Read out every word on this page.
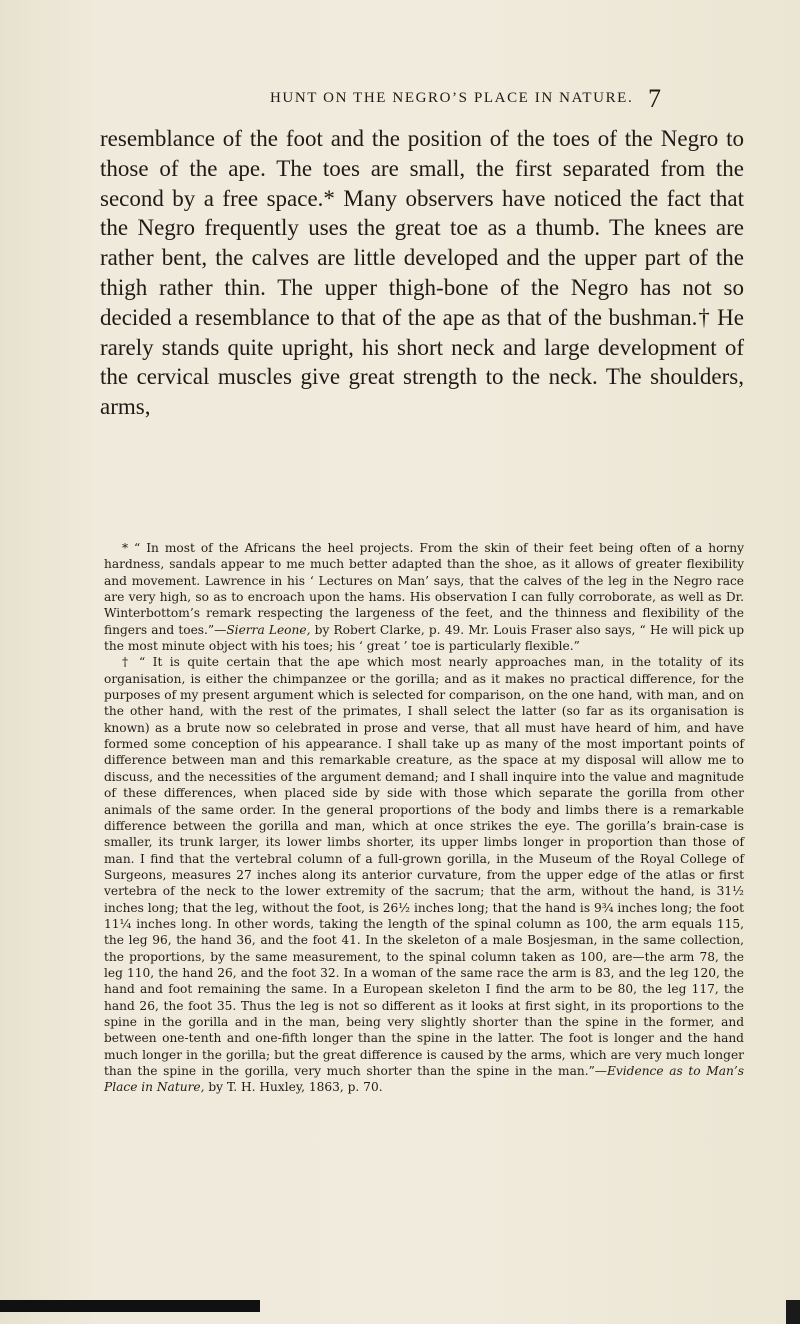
HUNT ON THE NEGRO’S PLACE IN NATURE. 7

resemblance of the foot and the position of the toes of the Negro to those of the ape. The toes are small, the first separated from the second by a free space.* Many observers have noticed the fact that the Negro frequently uses the great toe as a thumb. The knees are rather bent, the calves are little developed and the upper part of the thigh rather thin. The upper thigh-bone of the Negro has not so decided a resemblance to that of the ape as that of the bushman.† He rarely stands quite upright, his short neck and large development of the cervical muscles give great strength to the neck. The shoulders, arms,

* “ In most of the Africans the heel projects. From the skin of their feet being often of a horny hardness, sandals appear to me much better adapted than the shoe, as it allows of greater flexibility and movement. Lawrence in his ‘ Lectures on Man’ says, that the calves of the leg in the Negro race are very high, so as to encroach upon the hams. His observation I can fully corroborate, as well as Dr. Winterbottom’s remark respecting the largeness of the feet, and the thinness and flexibility of the fingers and toes.”—Sierra Leone, by Robert Clarke, p. 49. Mr. Louis Fraser also says, “ He will pick up the most minute object with his toes; his ‘ great ’ toe is particularly flexible.”

† “ It is quite certain that the ape which most nearly approaches man, in the totality of its organisation, is either the chimpanzee or the gorilla; and as it makes no practical difference, for the purposes of my present argument which is selected for comparison, on the one hand, with man, and on the other hand, with the rest of the primates, I shall select the latter (so far as its organisation is known) as a brute now so celebrated in prose and verse, that all must have heard of him, and have formed some conception of his appearance. I shall take up as many of the most important points of difference between man and this remarkable creature, as the space at my disposal will allow me to discuss, and the necessities of the argument demand; and I shall inquire into the value and magnitude of these differences, when placed side by side with those which separate the gorilla from other animals of the same order. In the general proportions of the body and limbs there is a remarkable difference between the gorilla and man, which at once strikes the eye. The gorilla’s brain-case is smaller, its trunk larger, its lower limbs shorter, its upper limbs longer in proportion than those of man. I find that the vertebral column of a full-grown gorilla, in the Museum of the Royal College of Surgeons, measures 27 inches along its anterior curvature, from the upper edge of the atlas or first vertebra of the neck to the lower extremity of the sacrum; that the arm, without the hand, is 31½ inches long; that the leg, without the foot, is 26½ inches long; that the hand is 9¾ inches long; the foot 11¼ inches long. In other words, taking the length of the spinal column as 100, the arm equals 115, the leg 96, the hand 36, and the foot 41. In the skeleton of a male Bosjesman, in the same collection, the proportions, by the same measurement, to the spinal column taken as 100, are—the arm 78, the leg 110, the hand 26, and the foot 32. In a woman of the same race the arm is 83, and the leg 120, the hand and foot remaining the same. In a European skeleton I find the arm to be 80, the leg 117, the hand 26, the foot 35. Thus the leg is not so different as it looks at first sight, in its proportions to the spine in the gorilla and in the man, being very slightly shorter than the spine in the former, and between one-tenth and one-fifth longer than the spine in the latter. The foot is longer and the hand much longer in the gorilla; but the great difference is caused by the arms, which are very much longer than the spine in the gorilla, very much shorter than the spine in the man.”—Evidence as to Man’s Place in Nature, by T. H. Huxley, 1863, p. 70.
